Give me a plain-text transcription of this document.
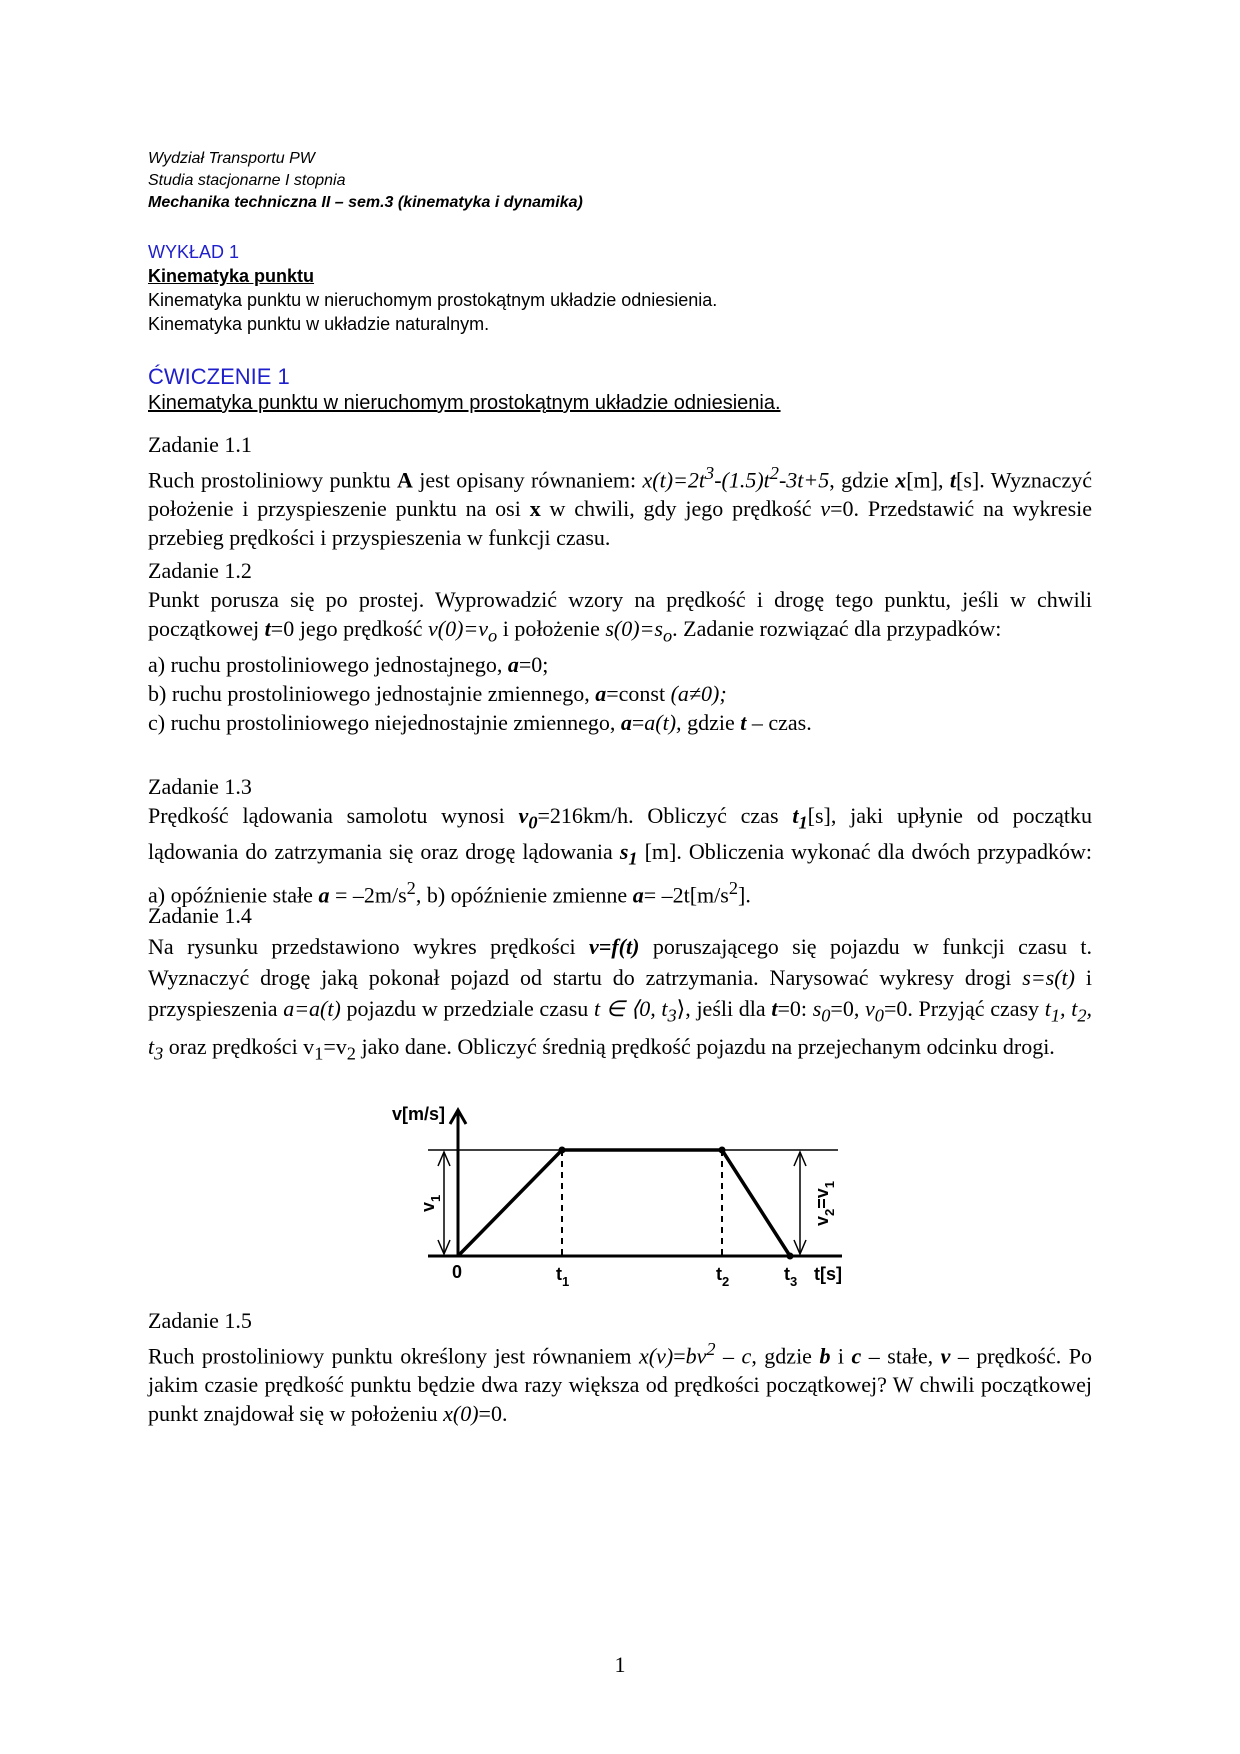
Wydział Transportu PW
Studia stacjonarne I stopnia
Mechanika techniczna II – sem.3 (kinematyka i dynamika)
WYKŁAD 1
Kinematyka punktu
Kinematyka punktu w nieruchomym prostokątnym układzie odniesienia.
Kinematyka punktu w układzie naturalnym.
ĆWICZENIE 1
Kinematyka punktu w nieruchomym prostokątnym układzie odniesienia.
Zadanie 1.1

Ruch prostoliniowy punktu A jest opisany równaniem: $x(t)=2t^3-(1.5)t^2-3t+5$, gdzie x[m], t[s]. Wyznaczyć położenie i przyspieszenie punktu na osi x w chwili, gdy jego prędkość v=0. Przedstawić na wykresie przebieg prędkości i przyspieszenia w funkcji czasu.

Zadanie 1.2

Punkt porusza się po prostej. Wyprowadzić wzory na prędkość i drogę tego punktu, jeśli w chwili początkowej t=0 jego prędkość $v(0)=v_o$ i położenie $s(0)=s_o$. Zadanie rozwiązać dla przypadków:

a) ruchu prostoliniowego jednostajnego, a=0;
b) ruchu prostoliniowego jednostajnie zmiennego, a=const (a≠0);
c) ruchu prostoliniowego niejednostajnie zmiennego, a=a(t), gdzie t – czas.
Zadanie 1.3

Prędkość lądowania samolotu wynosi $v_0=216km/h$. Obliczyć czas $t_1[s]$, jaki upłynie od początku lądowania do zatrzymania się oraz drogę lądowania $s_1$ [m]. Obliczenia wykonać dla dwóch przypadków: a) opóźnienie stałe $a = -2m/s^2$, b) opóźnienie zmienne $a= -2t[m/s^2]$.

Zadanie 1.4

Na rysunku przedstawiono wykres prędkości v=f(t) poruszającego się pojazdu w funkcji czasu t. Wyznaczyć drogę jaką pokonał pojazd od startu do zatrzymania. Narysować wykresy drogi s=s(t) i przyspieszenia a=a(t) pojazdu w przedziale czasu t ∈ ⟨0, $t_3⟩$, jeśli dla t=0: $s_0=0$, $v_0=0$. Przyjąć czasy $t_1$, $t_2$, $t_3$ oraz prędkości $v_1=v_2$ jako dane. Obliczyć średnią prędkość pojazdu na przejechanym odcinku drogi.

v[m/s]
0	$t_1$	$t_2$	$t_3$ t[s]
$v_1$
$v_2=v_1$
Zadanie 1.5

Ruch prostoliniowy punktu określony jest równaniem $x(v)=bv^2 - c$, gdzie b i c – stałe, v – prędkość. Po jakim czasie prędkość punktu będzie dwa razy większa od prędkości początkowej? W chwili początkowej punkt znajdował się w położeniu x(0)=0.

1
